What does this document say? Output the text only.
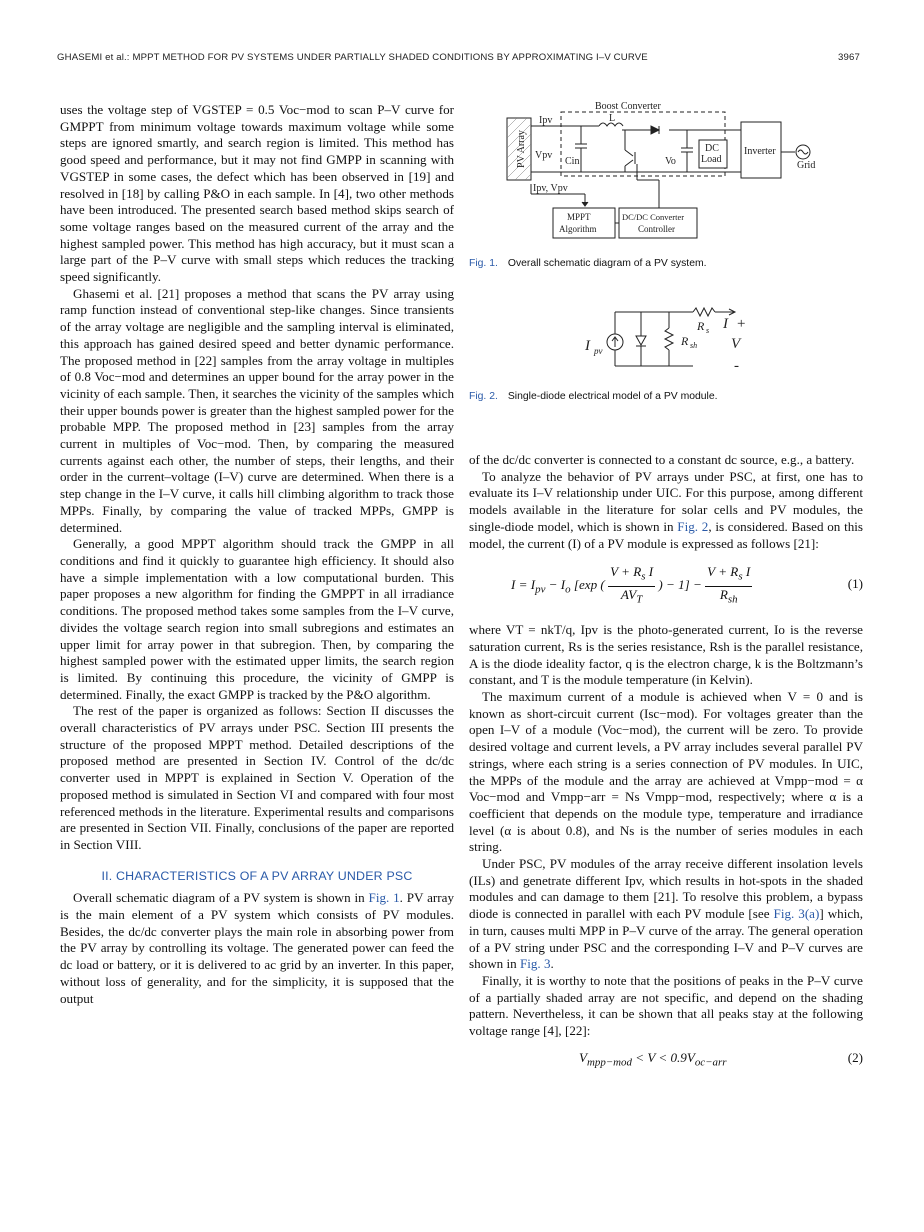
GHASEMI et al.: MPPT METHOD FOR PV SYSTEMS UNDER PARTIALLY SHADED CONDITIONS BY APPROXIMATING I–V CURVE	3967

uses the voltage step of VGSTEP = 0.5 Voc−mod to scan P–V curve for GMPPT from minimum voltage towards maximum voltage while some steps are ignored smartly, and search region is limited. This method has good speed and performance, but it may not find GMPP in scanning with VGSTEP in some cases, the defect which has been observed in [19] and resolved in [18] by calling P&O in each sample. In [4], two other methods have been introduced. The presented search based method skips search of some voltage ranges based on the measured current of the array and the highest sampled power. This method has high accuracy, but it must scan a large part of the P–V curve with small steps which reduces the tracking speed significantly.

Ghasemi et al. [21] proposes a method that scans the PV array using ramp function instead of conventional step-like changes. Since transients of the array voltage are negligible and the sampling interval is eliminated, this approach has gained desired speed and better dynamic performance. The proposed method in [22] samples from the array voltage in multiples of 0.8 Voc−mod and determines an upper bound for the array power in the vicinity of each sample. Then, it searches the vicinity of the samples which their upper bounds power is greater than the highest sampled power for the probable MPP. The proposed method in [23] samples from the array current in multiples of Voc−mod. Then, by comparing the measured currents against each other, the number of steps, their lengths, and their order in the current–voltage (I–V) curve are determined. When there is a step change in the I–V curve, it calls hill climbing algorithm to track those MPPs. Finally, by comparing the value of tracked MPPs, GMPP is determined.

Generally, a good MPPT algorithm should track the GMPP in all conditions and find it quickly to guarantee high efficiency. It should also have a simple implementation with a low computational burden. This paper proposes a new algorithm for finding the GMPPT in all irradiance conditions. The proposed method takes some samples from the I–V curve, divides the voltage search region into small subregions and estimates an upper limit for array power in that subregion. Then, by comparing the highest sampled power with the estimated upper limits, the search region is limited. By continuing this procedure, the vicinity of GMPP is determined. Finally, the exact GMPP is tracked by the P&O algorithm.

The rest of the paper is organized as follows: Section II discusses the overall characteristics of PV arrays under PSC. Section III presents the structure of the proposed MPPT method. Detailed descriptions of the proposed method are presented in Section IV. Control of the dc/dc converter used in MPPT is explained in Section V. Operation of the proposed method is simulated in Section VI and compared with four most referenced methods in the literature. Experimental results and comparisons are presented in Section VII. Finally, conclusions of the paper are reported in Section VIII.

II. CHARACTERISTICS OF A PV ARRAY UNDER PSC

Overall schematic diagram of a PV system is shown in Fig. 1. PV array is the main element of a PV system which consists of PV modules. Besides, the dc/dc converter plays the main role in absorbing power from the PV array by controlling its voltage. The generated power can feed the dc load or battery, or it is delivered to ac grid by an inverter. In this paper, without loss of generality, and for the simplicity, it is supposed that the output

PV Array
Boost Converter
Ipv	L
Vpv
Cin	Vo
DC
Load
Inverter
Grid
Ipv, Vpv
MPPT
Algorithm
DC/DC Converter
Controller
Fig. 1. Overall schematic diagram of a PV system.
I pv
R s
R sh
I +
V
-
Fig. 2. Single-diode electrical model of a PV module.

of the dc/dc converter is connected to a constant dc source, e.g., a battery.

To analyze the behavior of PV arrays under PSC, at first, one has to evaluate its I–V relationship under UIC. For this purpose, among different models available in the literature for solar cells and PV modules, the single-diode model, which is shown in Fig. 2, is considered. Based on this model, the current (I) of a PV module is expressed as follows [21]:

$I = I_{pv} - I_o$ [exp ( $\frac{V + R_s I}{AV_T}$ ) − $1] - \frac{V + R_s I}{R_{sh}}$	(1)

where VT = nkT/q, Ipv is the photo-generated current, Io is the reverse saturation current, Rs is the series resistance, Rsh is the parallel resistance, A is the diode ideality factor, q is the electron charge, k is the Boltzmann’s constant, and T is the module temperature (in Kelvin).

The maximum current of a module is achieved when V = 0 and is known as short-circuit current (Isc−mod). For voltages greater than the open I–V of a module (Voc−mod), the current will be zero. To provide desired voltage and current levels, a PV array includes several parallel PV strings, where each string is a series connection of PV modules. In UIC, the MPPs of the module and the array are achieved at Vmpp−mod = α Voc−mod and Vmpp−arr = Ns Vmpp−mod, respectively; where α is a coefficient that depends on the module type, temperature and irradiance level (α is about 0.8), and Ns is the number of series modules in each string.

Under PSC, PV modules of the array receive different insolation levels (ILs) and genetrate different Ipv, which results in hot-spots in the shaded modules and can damage to them [21]. To resolve this problem, a bypass diode is connected in parallel with each PV module [see Fig. 3(a)] which, in turn, causes multi MPP in P–V curve of the array. The general operation of a PV string under PSC and the corresponding I–V and P–V curves are shown in Fig. 3.

Finally, it is worthy to note that the positions of peaks in the P–V curve of a partially shaded array are not specific, and depend on the shading pattern. Nevertheless, it can be shown that all peaks stay at the following voltage range [4], [22]:

$V_{mpp-mod} < V < 0.9V_{oc-arr}$	(2)
